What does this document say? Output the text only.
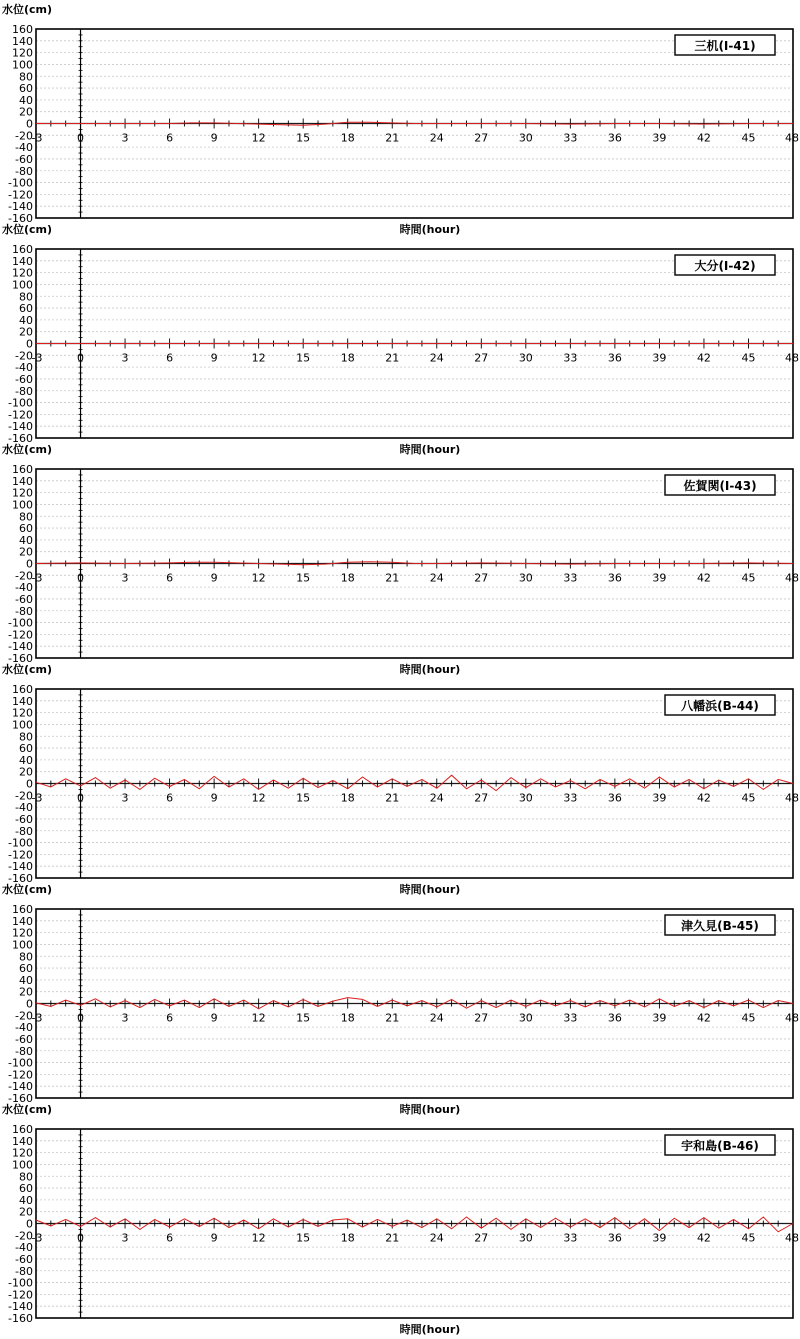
水位(cm)
160
140
120
100
80
60
40
20
0
-20
-40
-60
-80
-100
-120
-140
-160
-3	0	3	6	9	12	15	18	21	24	27	30	33	36	39	42	45	48
三机(I-41)
時間(hour)
水位(cm)
160
140
120
100
80
60
40
20
0
-20
-40
-60
-80
-100
-120
-140
-160
-3	0	3	6	9	12	15	18	21	24	27	30	33	36	39	42	45	48
大分(I-42)
時間(hour)
水位(cm)
160
140
120
100
80
60
40
20
0
-20
-40
-60
-80
-100
-120
-140
-160
-3	0	3	6	9	12	15	18	21	24	27	30	33	36	39	42	45	48
佐賀関(I-43)
時間(hour)
水位(cm)
160
140
120
100
80
60
40
20
0
-20
-40
-60
-80
-100
-120
-140
-160
-3	0	3	6	9	12	15	18	21	24	27	30	33	36	39	42	45	48
八幡浜(B-44)
時間(hour)
水位(cm)
160
140
120
100
80
60
40
20
0
-20
-40
-60
-80
-100
-120
-140
-160
-3	0	3	6	9	12	15	18	21	24	27	30	33	36	39	42	45	48
津久見(B-45)
時間(hour)
水位(cm)
160
140
120
100
80
60
40
20
0
-20
-40
-60
-80
-100
-120
-140
-160
-3	0	3	6	9	12	15	18	21	24	27	30	33	36	39	42	45	48
宇和島(B-46)
時間(hour)
